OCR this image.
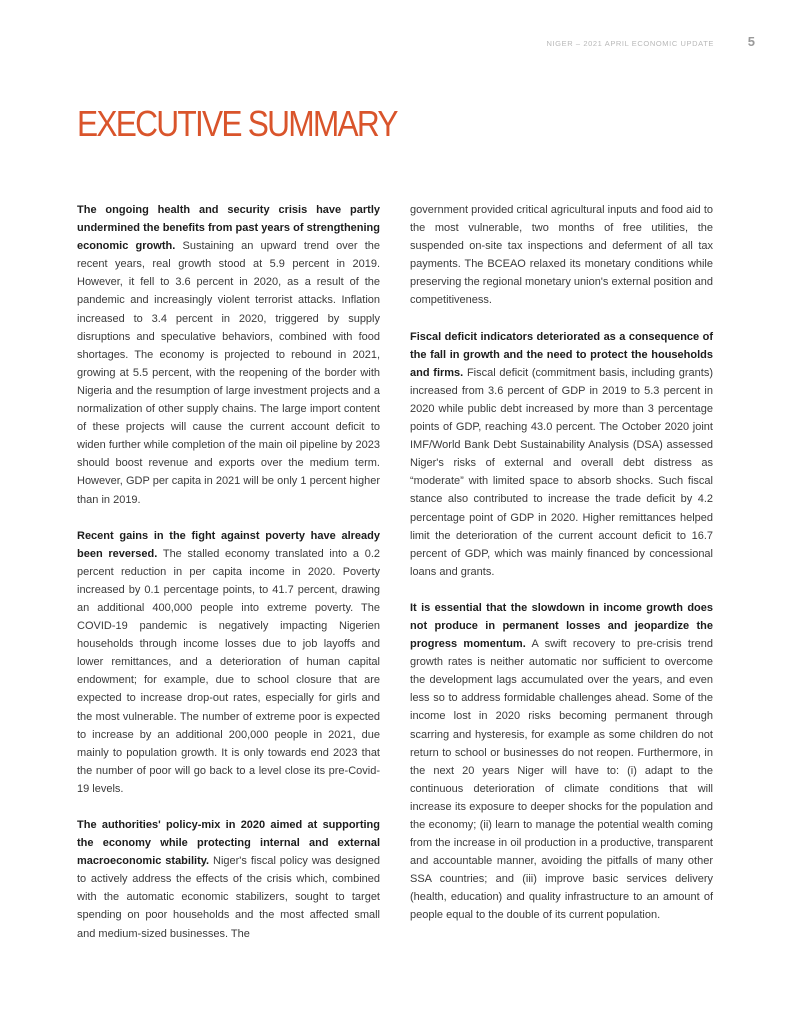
NIGER – 2021 APRIL ECONOMIC UPDATE	5
EXECUTIVE SUMMARY

The ongoing health and security crisis have partly undermined the benefits from past years of strengthening economic growth. Sustaining an upward trend over the recent years, real growth stood at 5.9 percent in 2019. However, it fell to 3.6 percent in 2020, as a result of the pandemic and increasingly violent terrorist attacks. Inflation increased to 3.4 percent in 2020, triggered by supply disruptions and speculative behaviors, combined with food shortages. The economy is projected to rebound in 2021, growing at 5.5 percent, with the reopening of the border with Nigeria and the resumption of large investment projects and a normalization of other supply chains. The large import content of these projects will cause the current account deficit to widen further while completion of the main oil pipeline by 2023 should boost revenue and exports over the medium term. However, GDP per capita in 2021 will be only 1 percent higher than in 2019.

Recent gains in the fight against poverty have already been reversed. The stalled economy translated into a 0.2 percent reduction in per capita income in 2020. Poverty increased by 0.1 percentage points, to 41.7 percent, drawing an additional 400,000 people into extreme poverty. The COVID-19 pandemic is negatively impacting Nigerien households through income losses due to job layoffs and lower remittances, and a deterioration of human capital endowment; for example, due to school closure that are expected to increase drop-out rates, especially for girls and the most vulnerable. The number of extreme poor is expected to increase by an additional 200,000 people in 2021, due mainly to population growth. It is only towards end 2023 that the number of poor will go back to a level close its pre-Covid-19 levels.

The authorities' policy-mix in 2020 aimed at supporting the economy while protecting internal and external macroeconomic stability. Niger's fiscal policy was designed to actively address the effects of the crisis which, combined with the automatic economic stabilizers, sought to target spending on poor households and the most affected small and medium-sized businesses. The

government provided critical agricultural inputs and food aid to the most vulnerable, two months of free utilities, the suspended on-site tax inspections and deferment of all tax payments. The BCEAO relaxed its monetary conditions while preserving the regional monetary union's external position and competitiveness.

Fiscal deficit indicators deteriorated as a consequence of the fall in growth and the need to protect the households and firms. Fiscal deficit (commitment basis, including grants) increased from 3.6 percent of GDP in 2019 to 5.3 percent in 2020 while public debt increased by more than 3 percentage points of GDP, reaching 43.0 percent. The October 2020 joint IMF/World Bank Debt Sustainability Analysis (DSA) assessed Niger's risks of external and overall debt distress as “moderate” with limited space to absorb shocks. Such fiscal stance also contributed to increase the trade deficit by 4.2 percentage point of GDP in 2020. Higher remittances helped limit the deterioration of the current account deficit to 16.7 percent of GDP, which was mainly financed by concessional loans and grants.

It is essential that the slowdown in income growth does not produce in permanent losses and jeopardize the progress momentum. A swift recovery to pre-crisis trend growth rates is neither automatic nor sufficient to overcome the development lags accumulated over the years, and even less so to address formidable challenges ahead. Some of the income lost in 2020 risks becoming permanent through scarring and hysteresis, for example as some children do not return to school or businesses do not reopen. Furthermore, in the next 20 years Niger will have to: (i) adapt to the continuous deterioration of climate conditions that will increase its exposure to deeper shocks for the population and the economy; (ii) learn to manage the potential wealth coming from the increase in oil production in a productive, transparent and accountable manner, avoiding the pitfalls of many other SSA countries; and (iii) improve basic services delivery (health, education) and quality infrastructure to an amount of people equal to the double of its current population.
